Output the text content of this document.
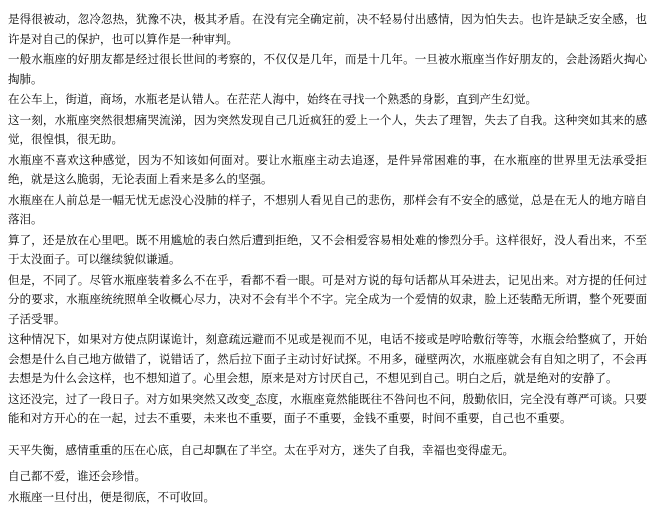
是得很被动，忽冷忽热，犹豫不决，极其矛盾。在没有完全确定前，决不轻易付出感情，因为怕失去。也许是缺乏安全感，也许是对自己的保护，也可以算作是一种审判。

一般水瓶座的好朋友都是经过很长世间的考察的，不仅仅是几年，而是十几年。一旦被水瓶座当作好朋友的，会赴汤蹈火掏心掏肺。

在公车上，街道，商场，水瓶老是认错人。在茫茫人海中，始终在寻找一个熟悉的身影，直到产生幻觉。

这一刻，水瓶座突然很想痛哭流涕，因为突然发现自己几近疯狂的爱上一个人，失去了理智，失去了自我。这种突如其来的感觉，很惶惧，很无助。

水瓶座不喜欢这种感觉，因为不知该如何面对。要让水瓶座主动去追逐，是件异常困难的事，在水瓶座的世界里无法承受拒绝，就是这么脆弱，无论表面上看来是多么的坚强。

水瓶座在人前总是一幅无忧无虑没心没肺的样子，不想别人看见自己的悲伤，那样会有不安全的感觉，总是在无人的地方暗自落泪。

算了，还是放在心里吧。既不用尴尬的表白然后遭到拒绝，又不会相爱容易相处难的惨烈分手。这样很好，没人看出来，不至于太没面子。可以继续貌似谦遁。

但是，不同了。尽管水瓶座装着多么不在乎，看都不看一眼。可是对方说的每句话都从耳朵进去，记见出来。对方提的任何过分的要求，水瓶座统统照单全收概心尽力，决对不会有半个不字。完全成为一个爱情的奴隶，脸上还装酷无所谓，整个死要面子活受罪。

这种情况下，如果对方使点阴谋诡计，刻意疏远避而不见或是视而不见，电话不接或是哼哈敷衍等等，水瓶会给整疯了，开始会想是什么自己地方做错了，说错话了，然后拉下面子主动讨好试探。不用多，碰壁两次，水瓶座就会有自知之明了，不会再去想是为什么会这样，也不想知道了。心里会想，原来是对方讨厌自己，不想见到自己。明白之后，就是绝对的安静了。

这还没完，过了一段日子。对方如果突然又改变_态度，水瓶座竟然能既往不咎问也不问，殷勤依旧，完全没有尊严可谈。只要能和对方开心的在一起，过去不重要，未来也不重要，面子不重要，金钱不重要，时间不重要，自己也不重要。

天平失衡，感情重重的压在心底，自己却飘在了半空。太在乎对方，迷失了自我，幸福也变得虚无。

自己都不爱，谁还会珍惜。

水瓶座一旦付出，便是彻底，不可收回。
